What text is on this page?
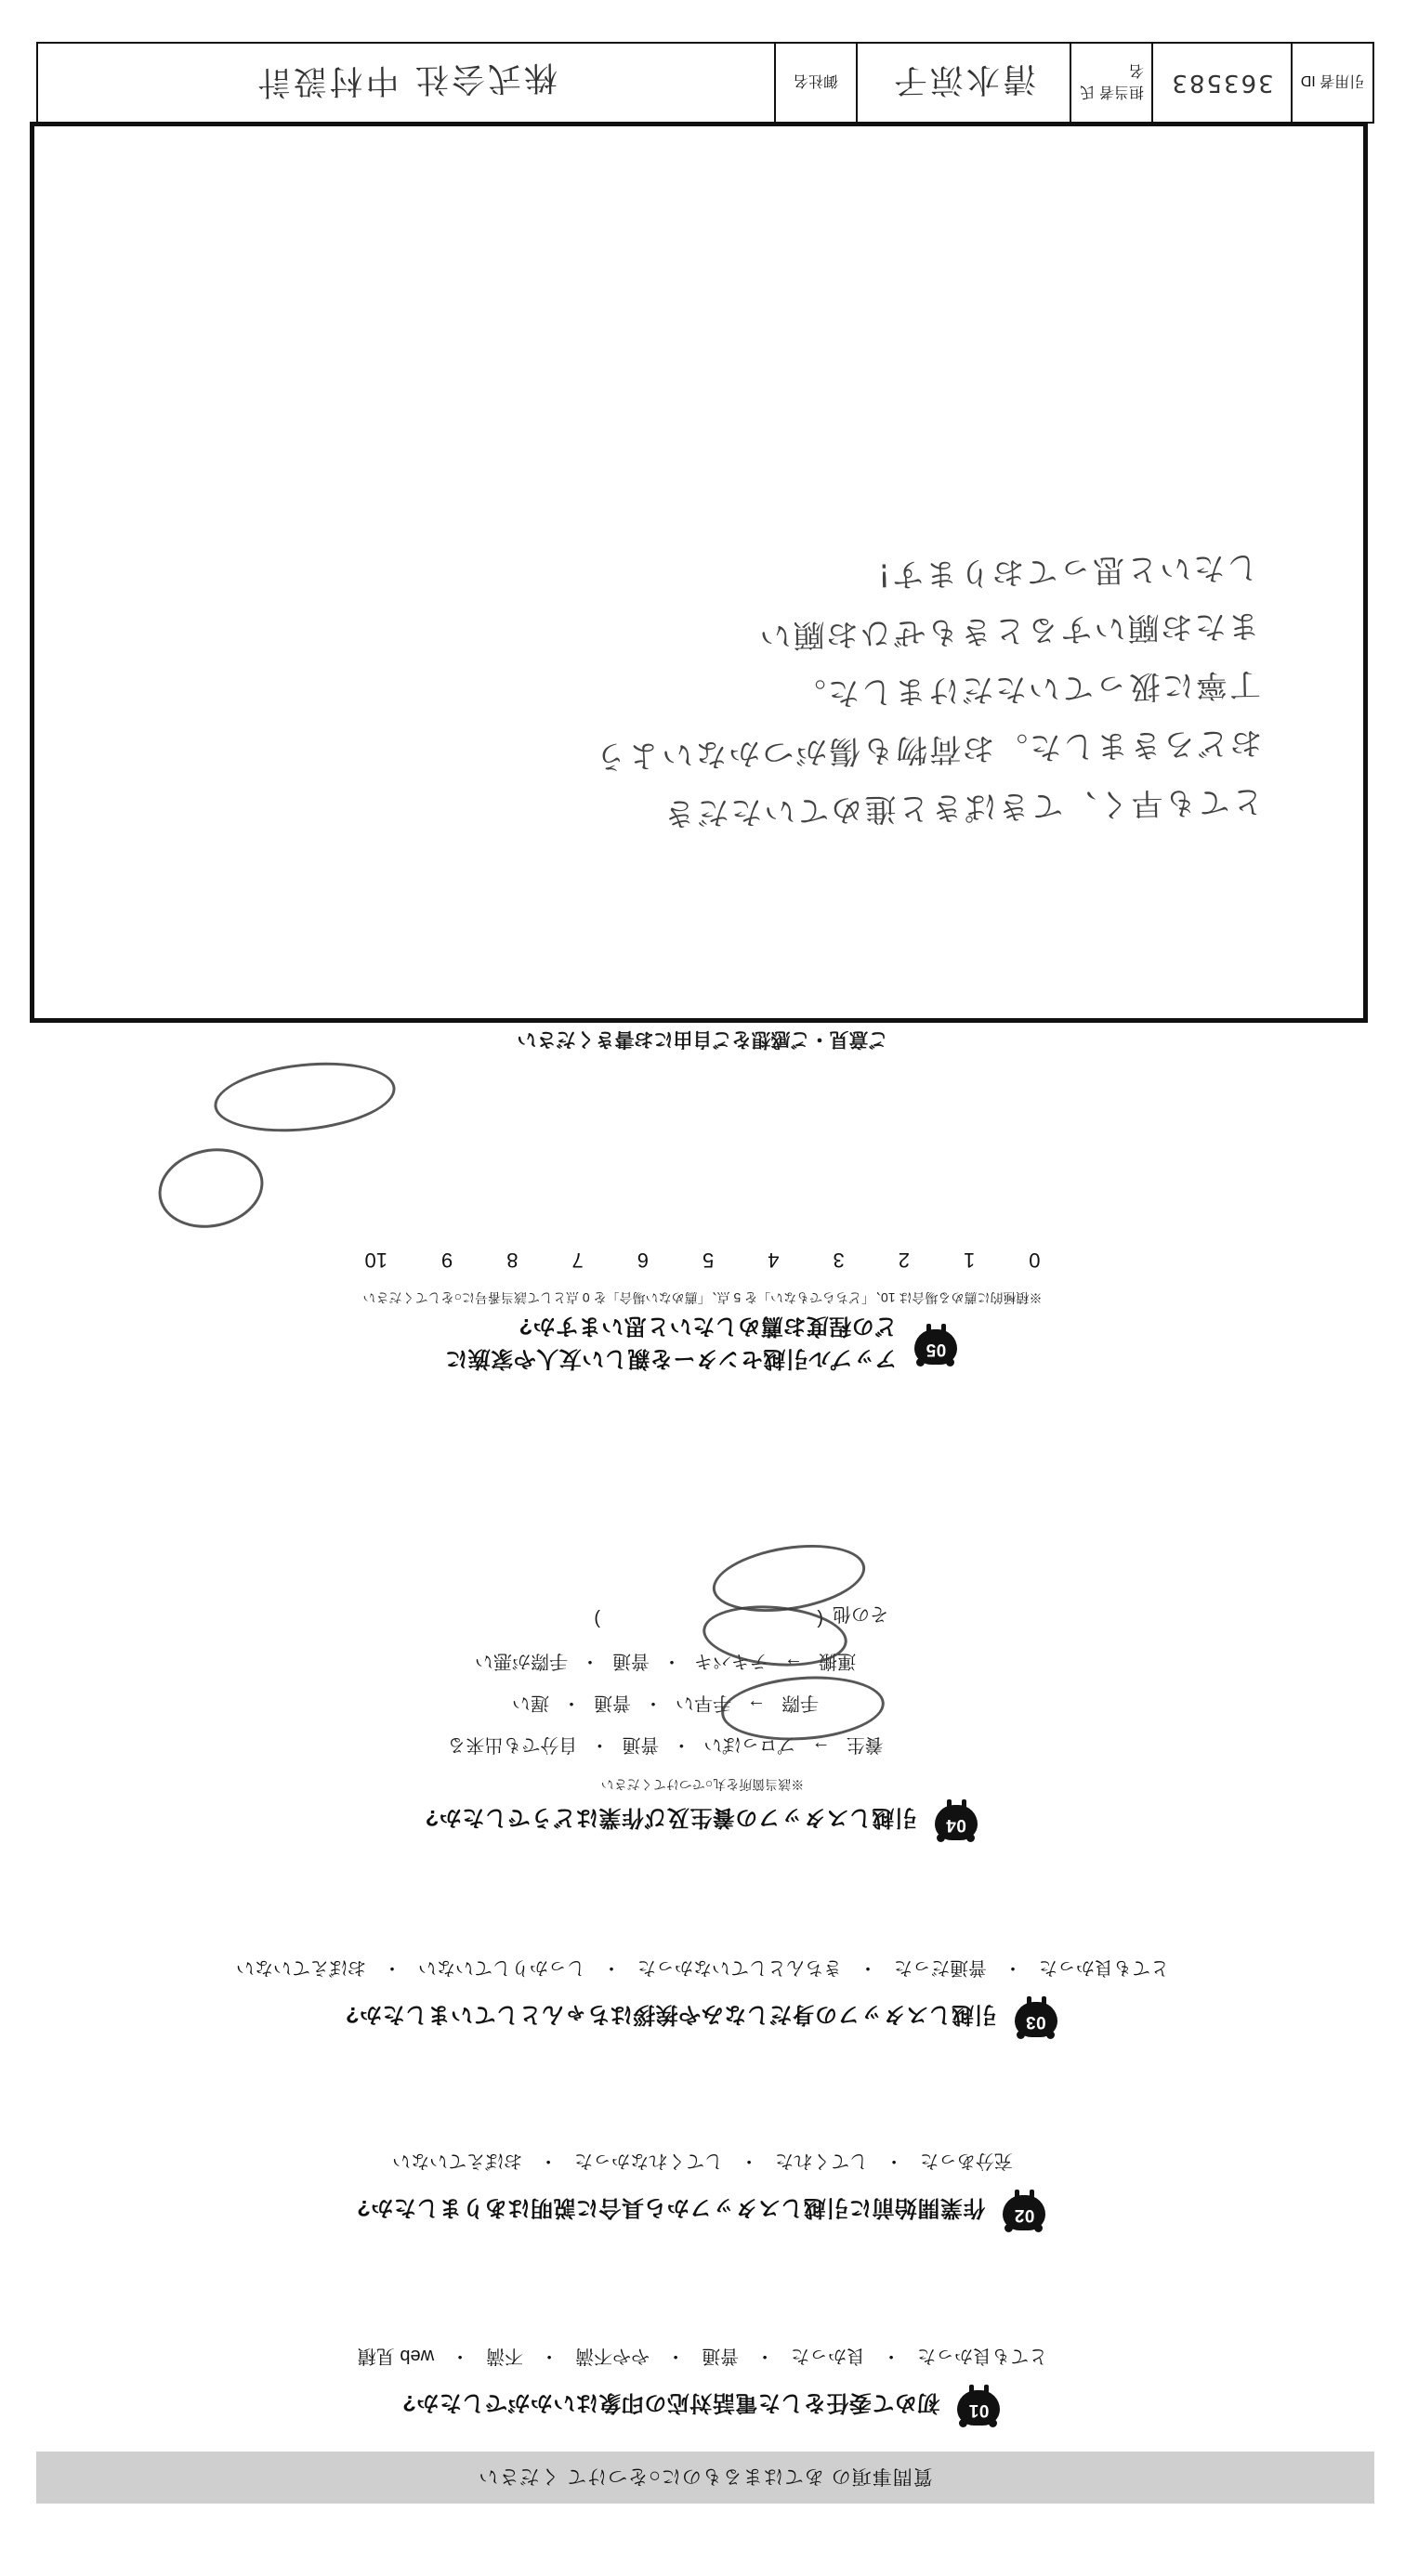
質問事項の あてはまるものに○をつけて ください
01
初めて委任をした電話対応の印象はいかがでしたか?
とても良かった
・
良かった
・
普通
・
やや不満
・
不満
・
web 見積
02
作業開始前に引越しスタッフから具合に説明はありましたか?
充分あった
・
してくれた
・
してくれなかった
・
おぼえていない
03
引越しスタッフの身だしなみや挨拶はちゃんとしていましたか?
とても良かった
・
普通だった
・
きちんとしていなかった
・
しっかりしていない
・
おぼえていない
04
引越しスタッフの養生及び作業はどうでしたか?
※該当箇所を丸○でつけてください
養生
→
プロっぽい
・
普通
・
自分でも出来る
手際
→
手早い
・
普通
・
遅い
運搬
→
テキパキ
・
普通
・
手際が悪い
その他
(                                          )
05
アップル引越センターを親しい友人や家族に
どの程度お薦めしたいと思いますか?
※積極的に薦める場合は 10、「どちらでもない」を 5 点、「薦めない場合」を 0 点として該当番号に○をしてください
0
1
2
3
4
5
6
7
8
9
10
ご意見・ご感想をご自由にお書きください
とても早く、てきぱきと進めていただき
おどろきました。お荷物も傷がつかないよう
丁寧に扱っていただけました。
またお願いするときもぜひお願い
したいと思っております!
引用者 ID
363583
担当者 氏名
清水涼子
御社名
株式会社 中村設計
